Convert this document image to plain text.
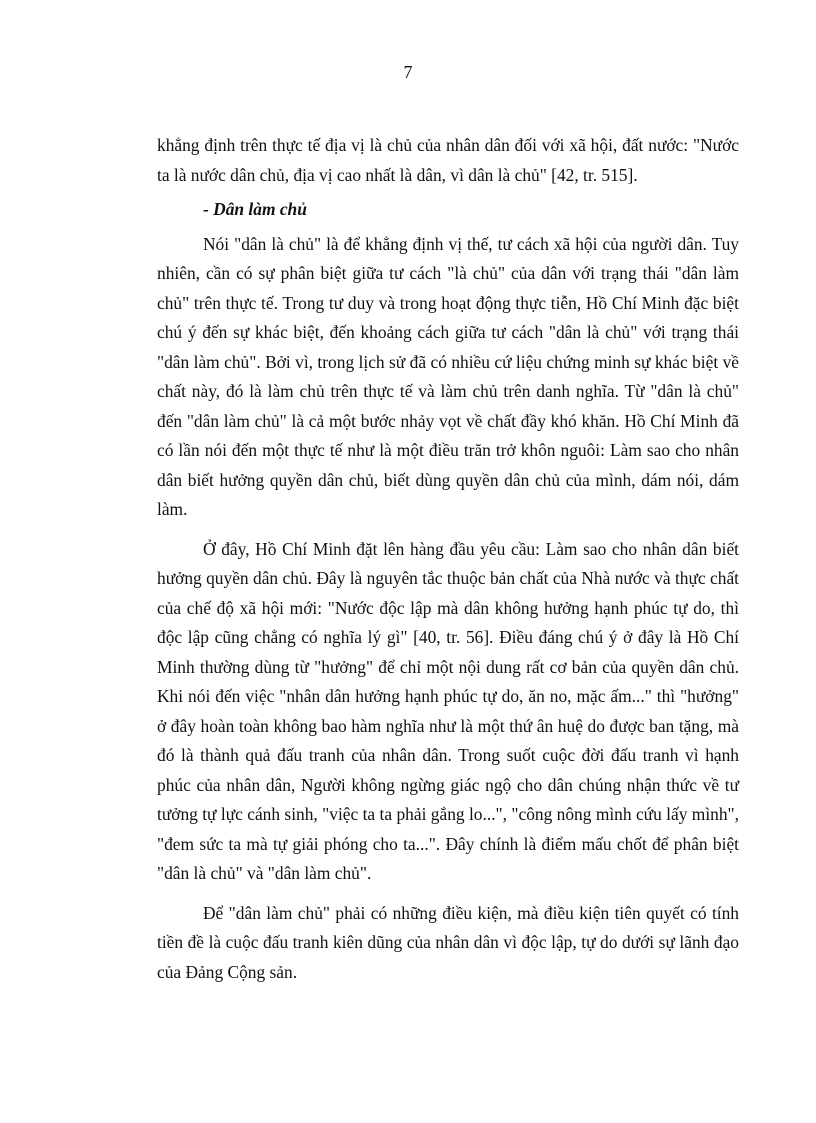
7

khẳng định trên thực tế địa vị là chủ của nhân dân đối với xã hội, đất nước: "Nước ta là nước dân chủ, địa vị cao nhất là dân, vì dân là chủ" [42, tr. 515].

- Dân làm chủ

Nói "dân là chủ" là để khẳng định vị thế, tư cách xã hội của người dân. Tuy nhiên, cần có sự phân biệt giữa tư cách "là chủ" của dân với trạng thái "dân làm chủ" trên thực tế. Trong tư duy và trong hoạt động thực tiễn, Hồ Chí Minh đặc biệt chú ý đến sự khác biệt, đến khoảng cách giữa tư cách "dân là chủ" với trạng thái "dân làm chủ". Bởi vì, trong lịch sử đã có nhiều cứ liệu chứng minh sự khác biệt về chất này, đó là làm chủ trên thực tế và làm chủ trên danh nghĩa. Từ "dân là chủ" đến "dân làm chủ" là cả một bước nhảy vọt về chất đầy khó khăn. Hồ Chí Minh đã có lần nói đến một thực tế như là một điều trăn trở khôn nguôi: Làm sao cho nhân dân biết hưởng quyền dân chủ, biết dùng quyền dân chủ của mình, dám nói, dám làm.

Ở đây, Hồ Chí Minh đặt lên hàng đầu yêu cầu: Làm sao cho nhân dân biết hưởng quyền dân chủ. Đây là nguyên tắc thuộc bản chất của Nhà nước và thực chất của chế độ xã hội mới: "Nước độc lập mà dân không hưởng hạnh phúc tự do, thì độc lập cũng chẳng có nghĩa lý gì" [40, tr. 56]. Điều đáng chú ý ở đây là Hồ Chí Minh thường dùng từ "hưởng" để chỉ một nội dung rất cơ bản của quyền dân chủ. Khi nói đến việc "nhân dân hưởng hạnh phúc tự do, ăn no, mặc ấm..." thì "hưởng" ở đây hoàn toàn không bao hàm nghĩa như là một thứ ân huệ do được ban tặng, mà đó là thành quả đấu tranh của nhân dân. Trong suốt cuộc đời đấu tranh vì hạnh phúc của nhân dân, Người không ngừng giác ngộ cho dân chúng nhận thức về tư tưởng tự lực cánh sinh, "việc ta ta phải gắng lo...", "công nông mình cứu lấy mình", "đem sức ta mà tự giải phóng cho ta...". Đây chính là điểm mấu chốt để phân biệt "dân là chủ" và "dân làm chủ".

Để "dân làm chủ" phải có những điều kiện, mà điều kiện tiên quyết có tính tiền đề là cuộc đấu tranh kiên dũng của nhân dân vì độc lập, tự do dưới sự lãnh đạo của Đảng Cộng sản.
